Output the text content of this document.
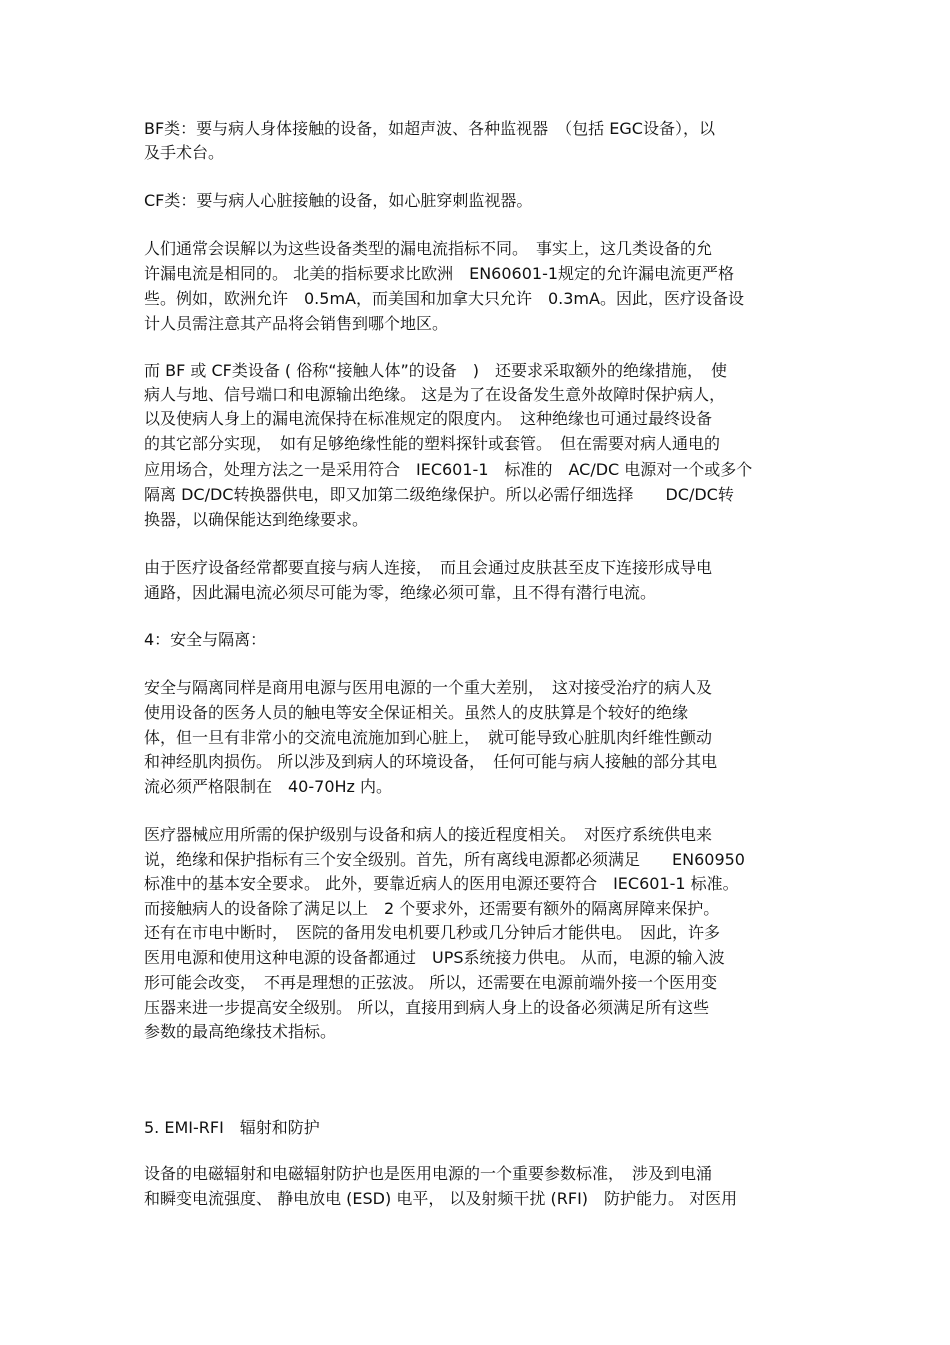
BF类：要与病人身体接触的设备，如超声波、各种监视器　（包括 EGC设备），以
及手术台。
CF类：要与病人心脏接触的设备，如心脏穿刺监视器。
人们通常会误解以为这些设备类型的漏电流指标不同。　事实上，这几类设备的允
许漏电流是相同的。 北美的指标要求比欧洲　EN60601-1规定的允许漏电流更严格
些。例如，欧洲允许　0.5mA，而美国和加拿大只允许　0.3mA。因此，医疗设备设
计人员需注意其产品将会销售到哪个地区。
而 BF 或 CF类设备 ( 俗称“接触人体”的设备　)　还要求采取额外的绝缘措施，　使
病人与地、信号端口和电源输出绝缘。 这是为了在设备发生意外故障时保护病人，
以及使病人身上的漏电流保持在标准规定的限度内。　这种绝缘也可通过最终设备
的其它部分实现，　如有足够绝缘性能的塑料探针或套管。　但在需要对病人通电的
应用场合，处理方法之一是采用符合　IEC601-1　标准的　AC/DC 电源对一个或多个
隔离 DC/DC转换器供电，即又加第二级绝缘保护。所以必需仔细选择　　DC/DC转
换器，以确保能达到绝缘要求。
由于医疗设备经常都要直接与病人连接，　而且会通过皮肤甚至皮下连接形成导电
通路，因此漏电流必须尽可能为零，绝缘必须可靠，且不得有潜行电流。
4：安全与隔离：
安全与隔离同样是商用电源与医用电源的一个重大差别，　这对接受治疗的病人及
使用设备的医务人员的触电等安全保证相关。虽然人的皮肤算是个较好的绝缘
体，但一旦有非常小的交流电流施加到心脏上，　就可能导致心脏肌肉纤维性颤动
和神经肌肉损伤。 所以涉及到病人的环境设备，　任何可能与病人接触的部分其电
流必须严格限制在　40-70Hz 内。
医疗器械应用所需的保护级别与设备和病人的接近程度相关。　对医疗系统供电来
说，绝缘和保护指标有三个安全级别。首先，所有离线电源都必须满足　　EN60950
标准中的基本安全要求。 此外，要靠近病人的医用电源还要符合　IEC601-1 标准。
而接触病人的设备除了满足以上　2 个要求外，还需要有额外的隔离屏障来保护。
还有在市电中断时，　医院的备用发电机要几秒或几分钟后才能供电。　因此，许多
医用电源和使用这种电源的设备都通过　UPS系统接力供电。 从而，电源的输入波
形可能会改变，　不再是理想的正弦波。 所以，还需要在电源前端外接一个医用变
压器来进一步提高安全级别。 所以，直接用到病人身上的设备必须满足所有这些
参数的最高绝缘技术指标。
5. EMI-RFI　辐射和防护
设备的电磁辐射和电磁辐射防护也是医用电源的一个重要参数标准，　涉及到电涌
和瞬变电流强度、 静电放电 (ESD) 电平， 以及射频干扰 (RFI)　防护能力。 对医用
